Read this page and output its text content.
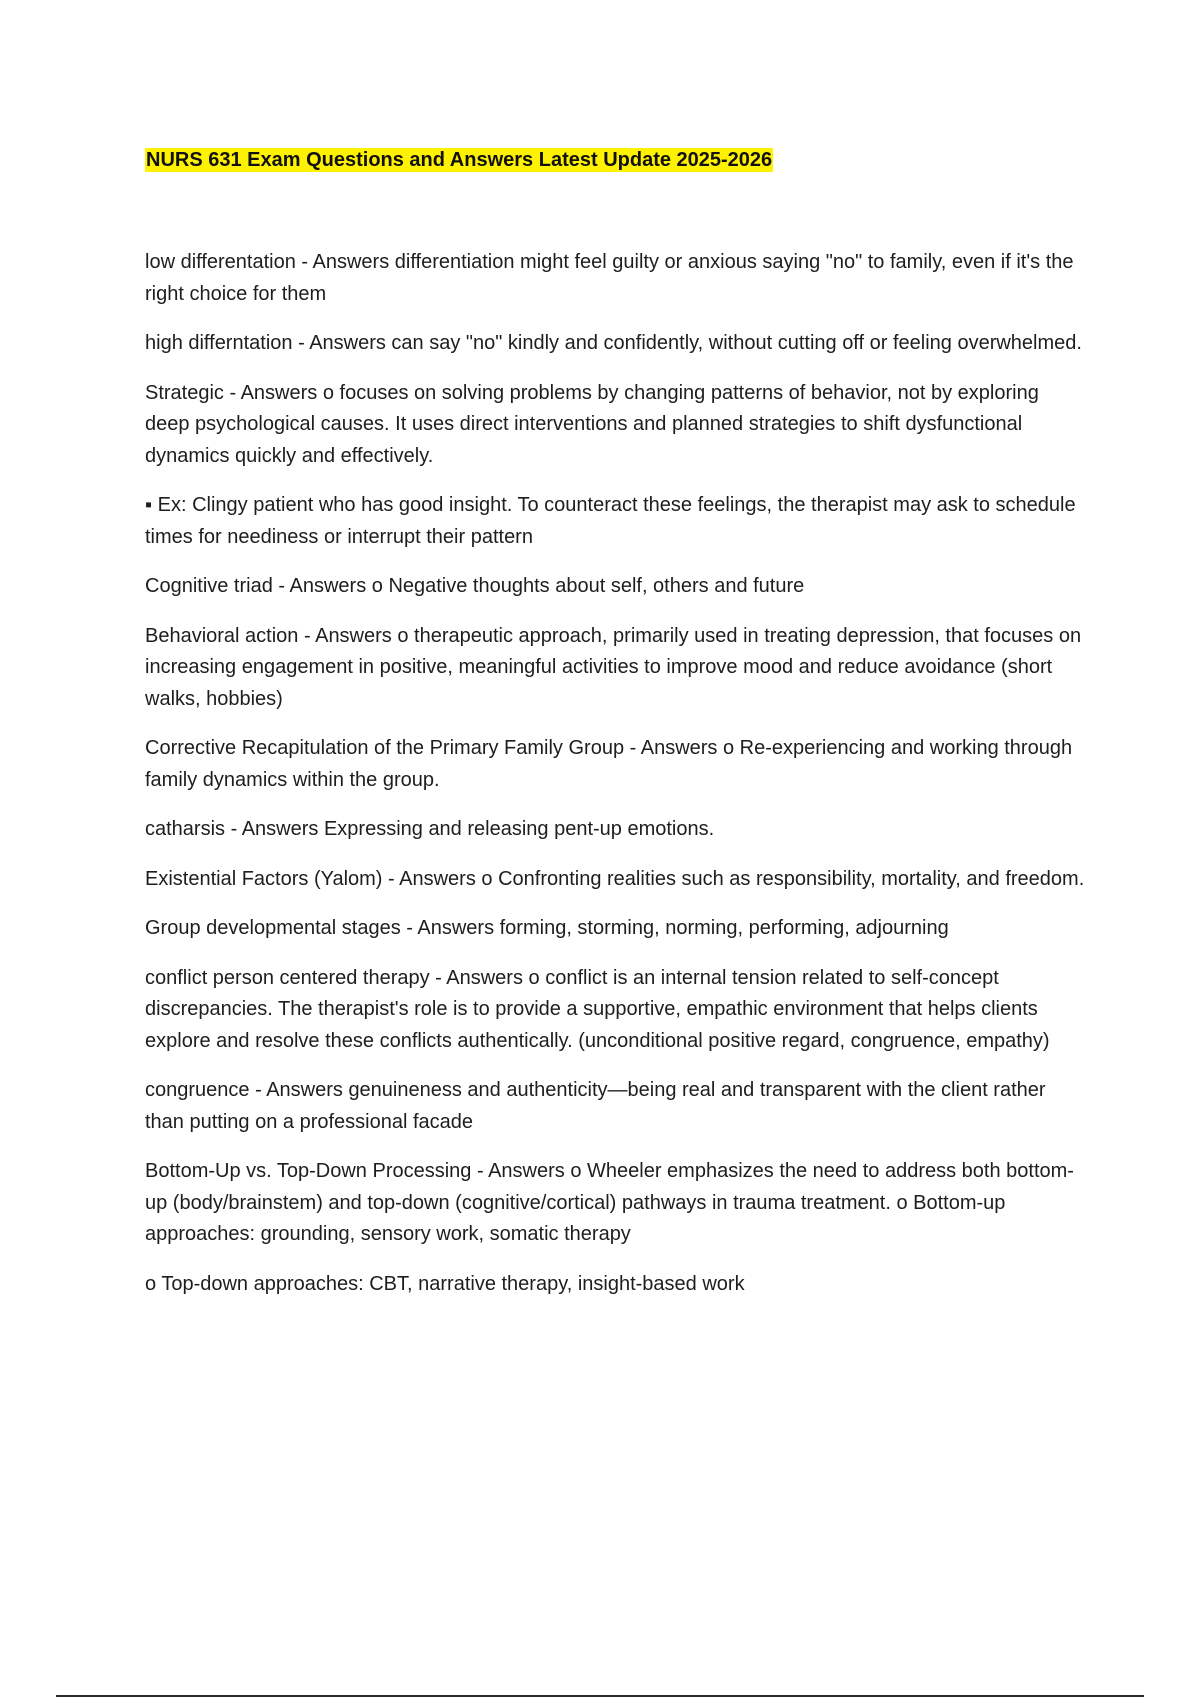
NURS 631 Exam Questions and Answers Latest Update 2025-2026

low differentation - Answers differentiation might feel guilty or anxious saying "no" to family, even if it's the right choice for them

high differntation - Answers can say "no" kindly and confidently, without cutting off or feeling overwhelmed.

Strategic - Answers o focuses on solving problems by changing patterns of behavior, not by exploring deep psychological causes. It uses direct interventions and planned strategies to shift dysfunctional dynamics quickly and effectively.

▪ Ex: Clingy patient who has good insight. To counteract these feelings, the therapist may ask to schedule times for neediness or interrupt their pattern

Cognitive triad - Answers o Negative thoughts about self, others and future

Behavioral action - Answers o therapeutic approach, primarily used in treating depression, that focuses on increasing engagement in positive, meaningful activities to improve mood and reduce avoidance (short walks, hobbies)

Corrective Recapitulation of the Primary Family Group - Answers o Re-experiencing and working through family dynamics within the group.

catharsis - Answers Expressing and releasing pent-up emotions.

Existential Factors (Yalom) - Answers o Confronting realities such as responsibility, mortality, and freedom.

Group developmental stages - Answers forming, storming, norming, performing, adjourning

conflict person centered therapy - Answers o conflict is an internal tension related to self-concept discrepancies. The therapist's role is to provide a supportive, empathic environment that helps clients explore and resolve these conflicts authentically. (unconditional positive regard, congruence, empathy)

congruence - Answers genuineness and authenticity—being real and transparent with the client rather than putting on a professional facade

Bottom-Up vs. Top-Down Processing - Answers o Wheeler emphasizes the need to address both bottom-up (body/brainstem) and top-down (cognitive/cortical) pathways in trauma treatment. o Bottom-up approaches: grounding, sensory work, somatic therapy

o Top-down approaches: CBT, narrative therapy, insight-based work
